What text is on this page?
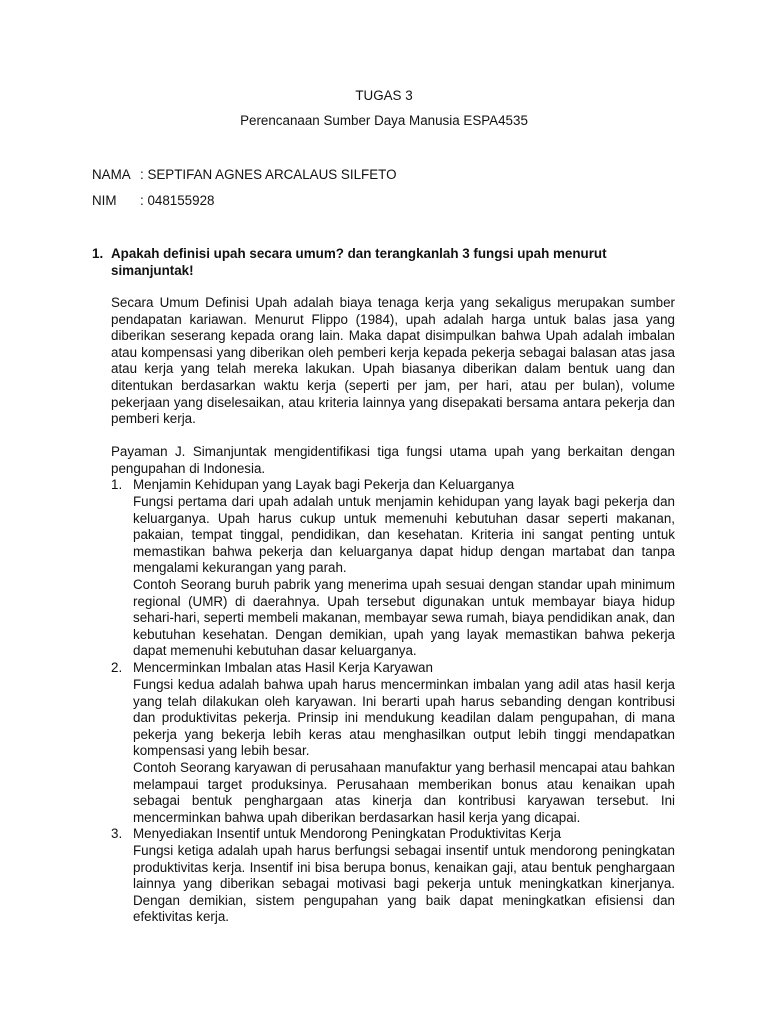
TUGAS 3
Perencanaan Sumber Daya Manusia ESPA4535
NAMA : SEPTIFAN AGNES ARCALAUS SILFETO
NIM : 048155928
1. Apakah definisi upah secara umum? dan terangkanlah 3 fungsi upah menurut
simanjuntak!
Secara Umum Definisi Upah adalah biaya tenaga kerja yang sekaligus merupakan sumber pendapatan kariawan. Menurut Flippo (1984), upah adalah harga untuk balas jasa yang diberikan seserang kepada orang lain. Maka dapat disimpulkan bahwa Upah adalah imbalan atau kompensasi yang diberikan oleh pemberi kerja kepada pekerja sebagai balasan atas jasa atau kerja yang telah mereka lakukan. Upah biasanya diberikan dalam bentuk uang dan ditentukan berdasarkan waktu kerja (seperti per jam, per hari, atau per bulan), volume pekerjaan yang diselesaikan, atau kriteria lainnya yang disepakati bersama antara pekerja dan pemberi kerja.
Payaman J. Simanjuntak mengidentifikasi tiga fungsi utama upah yang berkaitan dengan pengupahan di Indonesia.
1. Menjamin Kehidupan yang Layak bagi Pekerja dan Keluarganya
Fungsi pertama dari upah adalah untuk menjamin kehidupan yang layak bagi pekerja dan keluarganya. Upah harus cukup untuk memenuhi kebutuhan dasar seperti makanan, pakaian, tempat tinggal, pendidikan, dan kesehatan. Kriteria ini sangat penting untuk memastikan bahwa pekerja dan keluarganya dapat hidup dengan martabat dan tanpa mengalami kekurangan yang parah.
Contoh Seorang buruh pabrik yang menerima upah sesuai dengan standar upah minimum regional (UMR) di daerahnya. Upah tersebut digunakan untuk membayar biaya hidup sehari-hari, seperti membeli makanan, membayar sewa rumah, biaya pendidikan anak, dan kebutuhan kesehatan. Dengan demikian, upah yang layak memastikan bahwa pekerja dapat memenuhi kebutuhan dasar keluarganya.
2. Mencerminkan Imbalan atas Hasil Kerja Karyawan
Fungsi kedua adalah bahwa upah harus mencerminkan imbalan yang adil atas hasil kerja yang telah dilakukan oleh karyawan. Ini berarti upah harus sebanding dengan kontribusi dan produktivitas pekerja. Prinsip ini mendukung keadilan dalam pengupahan, di mana pekerja yang bekerja lebih keras atau menghasilkan output lebih tinggi mendapatkan kompensasi yang lebih besar.
Contoh Seorang karyawan di perusahaan manufaktur yang berhasil mencapai atau bahkan melampaui target produksinya. Perusahaan memberikan bonus atau kenaikan upah sebagai bentuk penghargaan atas kinerja dan kontribusi karyawan tersebut. Ini mencerminkan bahwa upah diberikan berdasarkan hasil kerja yang dicapai.
3. Menyediakan Insentif untuk Mendorong Peningkatan Produktivitas Kerja
Fungsi ketiga adalah upah harus berfungsi sebagai insentif untuk mendorong peningkatan produktivitas kerja. Insentif ini bisa berupa bonus, kenaikan gaji, atau bentuk penghargaan lainnya yang diberikan sebagai motivasi bagi pekerja untuk meningkatkan kinerjanya. Dengan demikian, sistem pengupahan yang baik dapat meningkatkan efisiensi dan efektivitas kerja.
